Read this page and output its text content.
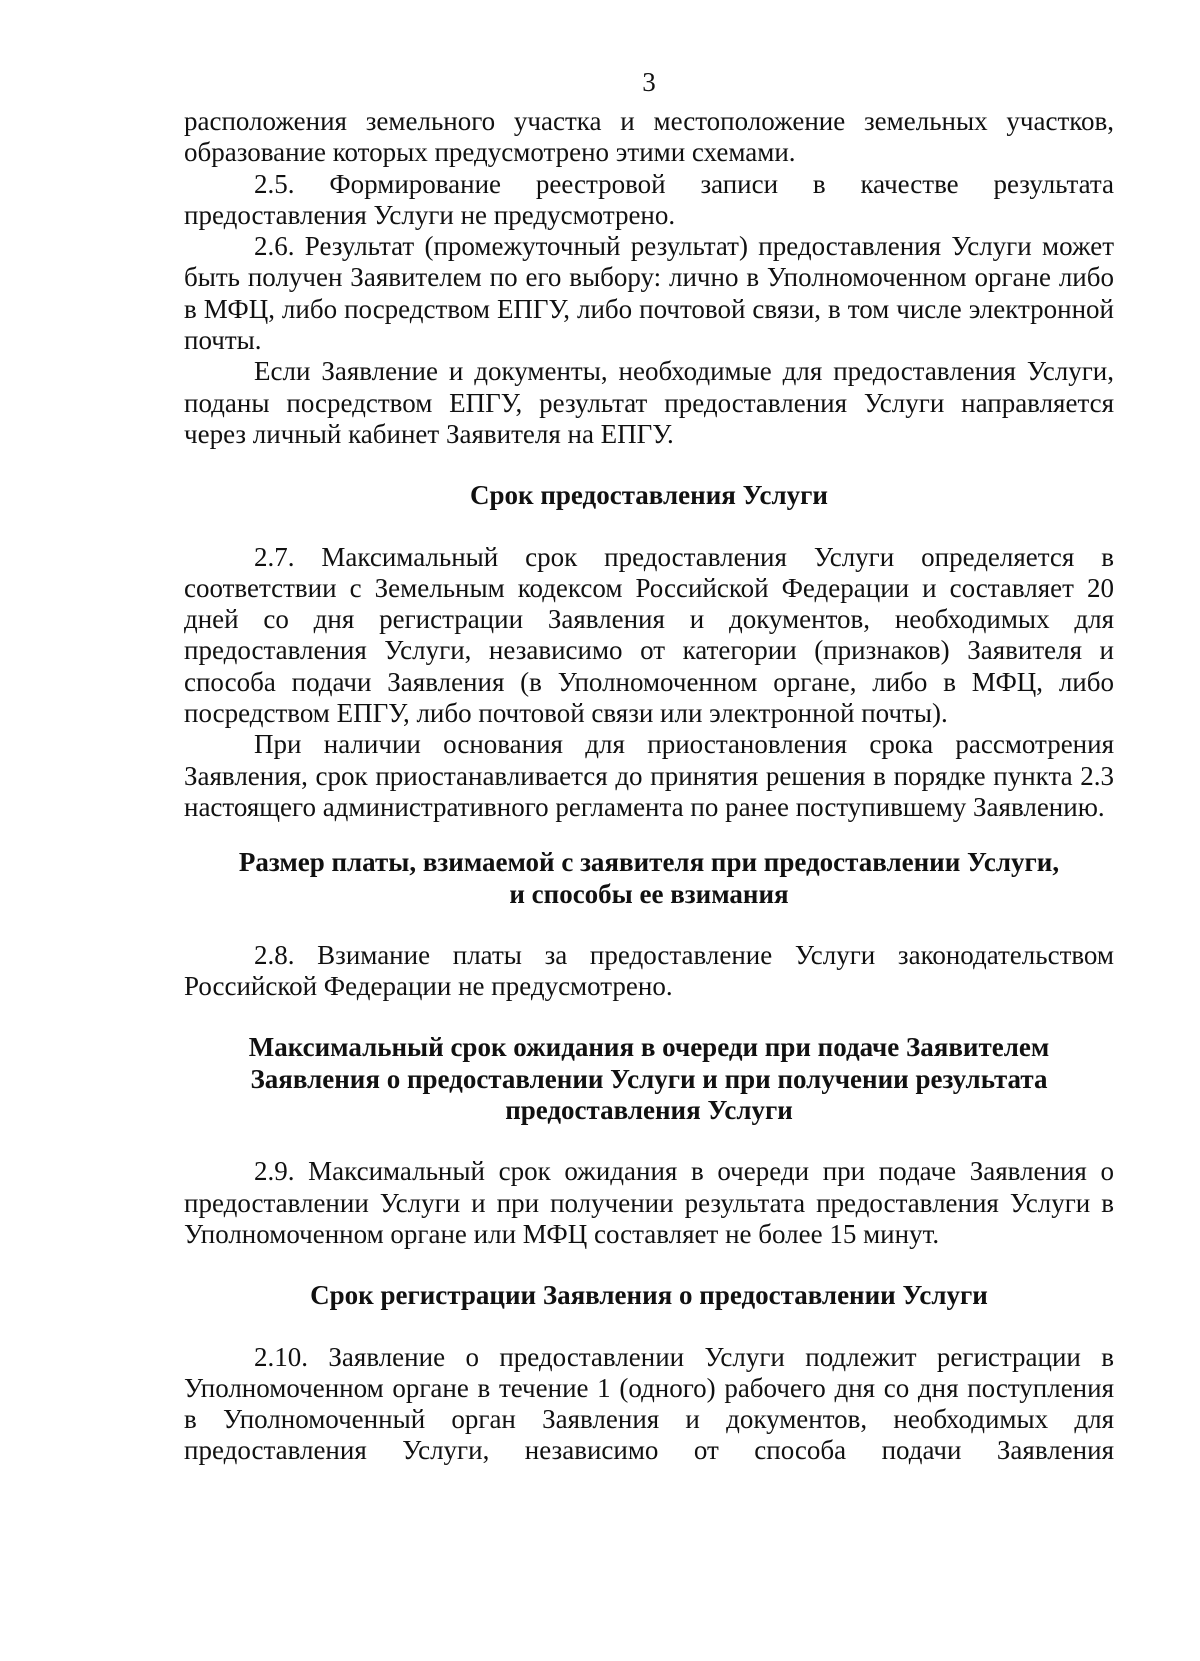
3

расположения земельного участка и местоположение земельных участков, образование которых предусмотрено этими схемами.

2.5. Формирование реестровой записи в качестве результата предоставления Услуги не предусмотрено.

2.6. Результат (промежуточный результат) предоставления Услуги может быть получен Заявителем по его выбору: лично в Уполномоченном органе либо в МФЦ, либо посредством ЕПГУ, либо почтовой связи, в том числе электронной почты.

Если Заявление и документы, необходимые для предоставления Услуги, поданы посредством ЕПГУ, результат предоставления Услуги направляется через личный кабинет Заявителя на ЕПГУ.

Срок предоставления Услуги

2.7. Максимальный срок предоставления Услуги определяется в соответствии с Земельным кодексом Российской Федерации и составляет 20 дней со дня регистрации Заявления и документов, необходимых для предоставления Услуги, независимо от категории (признаков) Заявителя и способа подачи Заявления (в Уполномоченном органе, либо в МФЦ, либо посредством ЕПГУ, либо почтовой связи или электронной почты).

При наличии основания для приостановления срока рассмотрения Заявления, срок приостанавливается до принятия решения в порядке пункта 2.3 настоящего административного регламента по ранее поступившему Заявлению.

Размер платы, взимаемой с заявителя при предоставлении Услуги,
и способы ее взимания

2.8. Взимание платы за предоставление Услуги законодательством Российской Федерации не предусмотрено.

Максимальный срок ожидания в очереди при подаче Заявителем
Заявления о предоставлении Услуги и при получении результата
предоставления Услуги

2.9. Максимальный срок ожидания в очереди при подаче Заявления о предоставлении Услуги и при получении результата предоставления Услуги в Уполномоченном органе или МФЦ составляет не более 15 минут.

Срок регистрации Заявления о предоставлении Услуги

2.10. Заявление о предоставлении Услуги подлежит регистрации в Уполномоченном органе в течение 1 (одного) рабочего дня со дня поступления в Уполномоченный орган Заявления и документов, необходимых для предоставления Услуги, независимо от способа подачи Заявления
